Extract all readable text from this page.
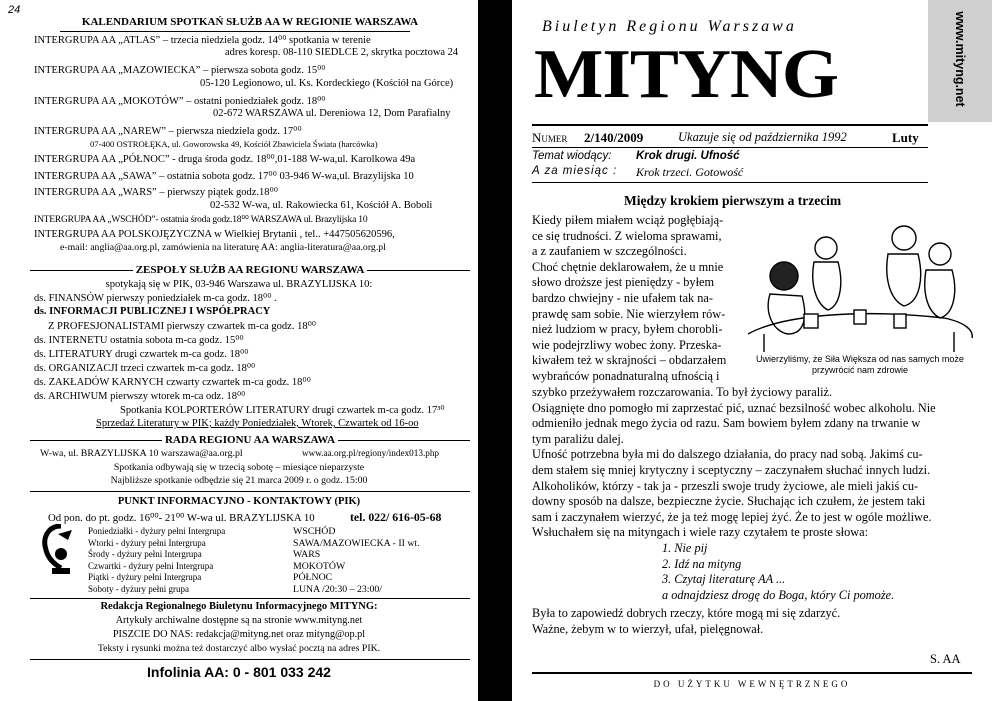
24
KALENDARIUM SPOTKAŃ SŁUŻB AA W REGIONIE WARSZAWA
INTERGRUPA AA „ATLAS” – trzecia niedziela godz. 14⁰⁰ spotkania w terenie
adres koresp. 08-110 SIEDLCE 2, skrytka pocztowa 24
INTERGRUPA AA „MAZOWIECKA” – pierwsza sobota godz. 15⁰⁰
05-120 Legionowo, ul. Ks. Kordeckiego (Kościół na Górce)
INTERGRUPA AA „MOKOTÓW” – ostatni poniedziałek godz. 18⁰⁰
02-672 WARSZAWA ul. Dereniowa 12, Dom Parafialny
INTERGRUPA AA „NAREW” – pierwsza niedziela godz. 17⁰⁰
07-400 OSTROŁĘKA, ul. Goworowska 49, Kościół Zbawiciela Świata (harcówka)
INTERGRUPA AA „PÓŁNOC” - druga środa godz. 18⁰⁰,01-188 W-wa,ul. Karolkowa 49a
INTERGRUPA AA „SAWA” – ostatnia sobota godz. 17⁰⁰ 03-946 W-wa,ul. Brazylijska 10
INTERGRUPA AA „WARS” – pierwszy piątek godz.18⁰⁰
02-532 W-wa, ul. Rakowiecka 61, Kościół A. Boboli
INTERGRUPA AA „WSCHÓD”- ostatnia środa godz.18⁰⁰ WARSZAWA ul. Brazylijska 10
INTERGRUPA AA POLSKOJĘZYCZNA w Wielkiej Brytanii , tel.. +447505620596,
e-mail: anglia@aa.org.pl, zamówienia na literaturę AA: anglia-literatura@aa.org.pl
ZESPOŁY SŁUŻB AA REGIONU WARSZAWA
spotykają się w PIK, 03-946 Warszawa ul. BRAZYLIJSKA 10:
ds. FINANSÓW pierwszy poniedziałek m-ca godz. 18⁰⁰ .
ds. INFORMACJI PUBLICZNEJ I WSPÓŁPRACY
Z PROFESJONALISTAMI pierwszy czwartek m-ca godz. 18⁰⁰
ds. INTERNETU ostatnia sobota m-ca godz. 15⁰⁰
ds. LITERATURY drugi czwartek m-ca godz. 18⁰⁰
ds. ORGANIZACJI trzeci czwartek m-ca godz. 18⁰⁰
ds. ZAKŁADÓW KARNYCH czwarty czwartek m-ca godz. 18⁰⁰
ds. ARCHIWUM pierwszy wtorek m-ca odz. 18⁰⁰
Spotkania KOLPORTERÓW LITERATURY drugi czwartek m-ca godz. 17³⁰
Sprzedaż Literatury w PIK; każdy Poniedziałek, Wtorek, Czwartek od 16-oo
RADA REGIONU AA WARSZAWA
W-wa, ul. BRAZYLIJSKA 10 warszawa@aa.org.pl	www.aa.org.pl/regiony/index013.php
Spotkania odbywają się w trzecią sobotę – miesiące nieparzyste
Najbliższe spotkanie odbędzie się 21 marca 2009 r. o godz. 15:00
PUNKT INFORMACYJNO - KONTAKTOWY (PIK)
Od pon. do pt. godz. 16⁰⁰- 21⁰⁰ W-wa ul. BRAZYLIJSKA 10	tel. 022/ 616-05-68
Poniedziałki - dyżury pełni Intergrupa	WSCHÓD
Wtorki - dyżury pełni Intergrupa	SAWA/MAZOWIECKA - II wt.
Środy - dyżury pełni Intergrupa	WARS
Czwartki - dyżury pełni Intergrupa	MOKOTÓW
Piątki - dyżury pełni Intergrupa	PÓŁNOC
Soboty - dyżury pełni grupa	LUNA /20:30 – 23:00/
Redakcja Regionalnego Biuletynu Informacyjnego MITYNG:
Artykuły archiwalne dostępne są na stronie www.mityng.net
PISZCIE DO NAS: redakcja@mityng.net oraz mityng@op.pl
Teksty i rysunki można też dostarczyć albo wysłać pocztą na adres PIK.
Infolinia AA: 0 - 801 033 242
Biuletyn Regionu Warszawa
MITYNG	www.mityng.net
Numer 2/140/2009	Ukazuje się od października 1992	Luty
Temat wiodący: Krok drugi. Ufność
A za miesiąc : Krok trzeci. Gotowość
Między krokiem pierwszym a trzecim
Kiedy piłem miałem wciąż pogłębiają-
ce się trudności. Z wieloma sprawami,
a z zaufaniem w szczególności.
Choć chętnie deklarowałem, że u mnie
słowo droższe jest pieniędzy - byłem
bardzo chwiejny - nie ufałem tak na-
prawdę sam sobie. Nie wierzyłem rów-
nież ludziom w pracy, byłem chorobli-
wie podejrzliwy wobec żony. Przeska-
kiwałem też w skrajności – obdarzałem
wybrańców ponadnaturalną ufnością i
Uwierzyliśmy, że Siła Większa od nas samych może przywrócić nam zdrowie
szybko przeżywałem rozczarowania. To był życiowy paraliż.
Osiągnięte dno pomogło mi zaprzestać pić, uznać bezsilność wobec alkoholu. Nie
odmieniło jednak mego życia od razu. Sam bowiem byłem zdany na trwanie w
tym paraliżu dalej.
Ufność potrzebna była mi do dalszego działania, do pracy nad sobą. Jakimś cu-
dem stałem się mniej krytyczny i sceptyczny – zaczynałem słuchać innych ludzi.
Alkoholików, którzy - tak ja - przeszli swoje trudy życiowe, ale mieli jakiś cu-
downy sposób na dalsze, bezpieczne życie. Słuchając ich czułem, że jestem taki
sam i zaczynałem wierzyć, że ja też mogę lepiej żyć. Że to jest w ogóle możliwe.
Wsłuchałem się na mityngach i wiele razy czytałem te proste słowa:
1. Nie pij
2. Idź na mityng
3. Czytaj literaturę AA ...
a odnajdziesz drogę do Boga, który Ci pomoże.
Była to zapowiedź dobrych rzeczy, które mogą mi się zdarzyć.
Ważne, żebym w to wierzył, ufał, pielęgnował.
S. AA
DO UŻYTKU WEWNĘTRZNEGO
